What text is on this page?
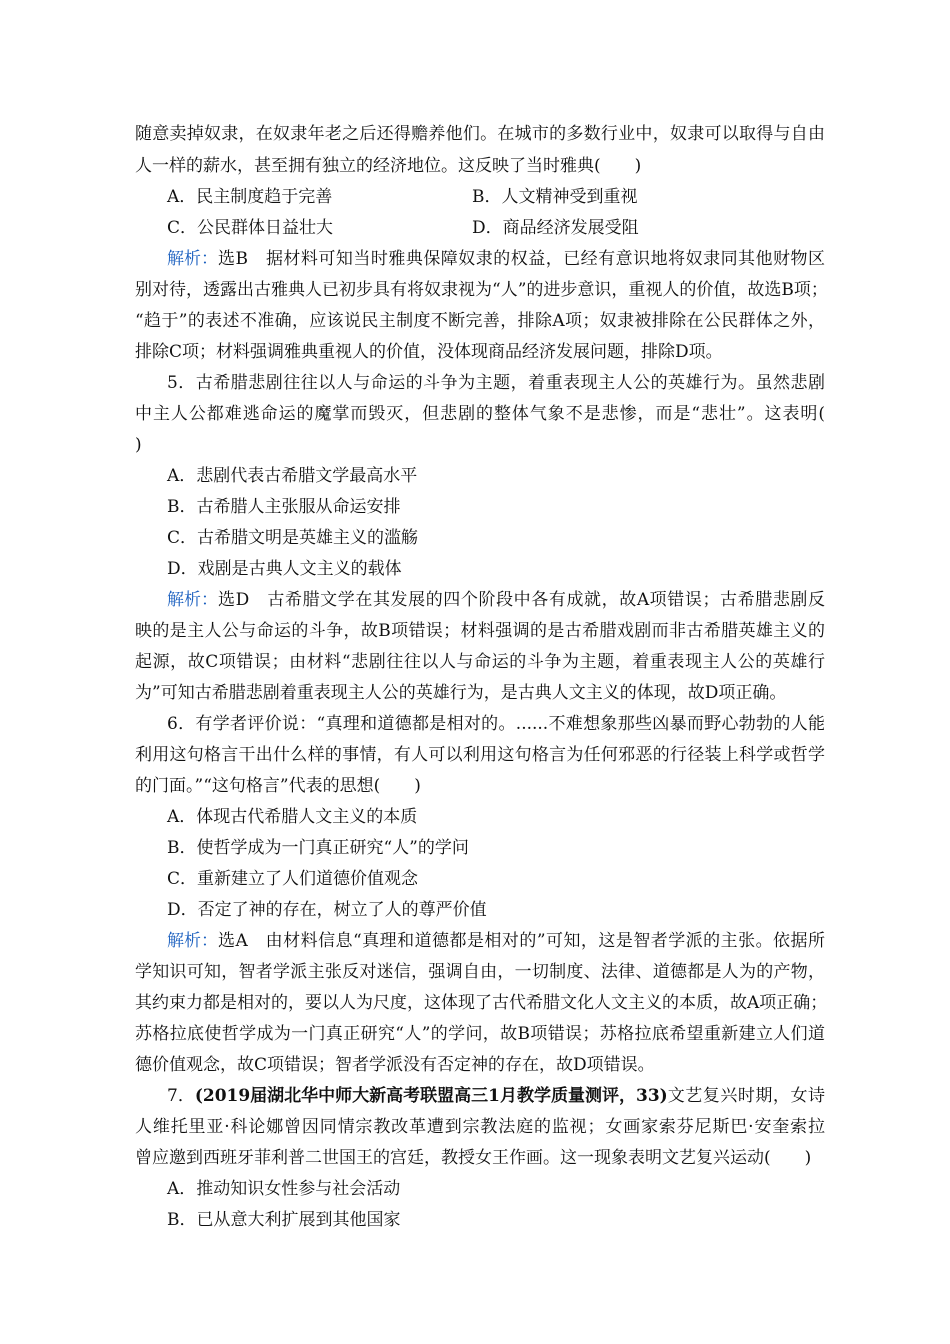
随意卖掉奴隶，在奴隶年老之后还得赡养他们。在城市的多数行业中，奴隶可以取得与自由
人一样的薪水，甚至拥有独立的经济地位。这反映了当时雅典(　　)
A．民主制度趋于完善	B．人文精神受到重视
C．公民群体日益壮大	D．商品经济发展受阻
解析： 选B　据材料可知当时雅典保障奴隶的权益，已经有意识地将奴隶同其他财物区
别对待，透露出古雅典人已初步具有将奴隶视为“人”的进步意识，重视人的价值，故选B项；
“趋于”的表述不准确，应该说民主制度不断完善，排除A项；奴隶被排除在公民群体之外，
排除C项；材料强调雅典重视人的价值，没体现商品经济发展问题，排除D项。
5．古希腊悲剧往往以人与命运的斗争为主题，着重表现主人公的英雄行为。虽然悲剧
中主人公都难逃命运的魔掌而毁灭，但悲剧的整体气象不是悲惨，而是“悲壮”。这表明(
)
A．悲剧代表古希腊文学最高水平
B．古希腊人主张服从命运安排
C．古希腊文明是英雄主义的滥觞
D．戏剧是古典人文主义的载体
解析： 选D　古希腊文学在其发展的四个阶段中各有成就，故A项错误；古希腊悲剧反
映的是主人公与命运的斗争，故B项错误；材料强调的是古希腊戏剧而非古希腊英雄主义的
起源，故C项错误；由材料“悲剧往往以人与命运的斗争为主题，着重表现主人公的英雄行
为”可知古希腊悲剧着重表现主人公的英雄行为，是古典人文主义的体现，故D项正确。
6．有学者评价说：“真理和道德都是相对的。......不难想象那些凶暴而野心勃勃的人能
利用这句格言干出什么样的事情，有人可以利用这句格言为任何邪恶的行径装上科学或哲学
的门面。”“这句格言”代表的思想(　　)
A．体现古代希腊人文主义的本质
B．使哲学成为一门真正研究“人”的学问
C．重新建立了人们道德价值观念
D．否定了神的存在，树立了人的尊严价值
解析： 选A　由材料信息“真理和道德都是相对的”可知，这是智者学派的主张。依据所
学知识可知，智者学派主张反对迷信，强调自由，一切制度、法律、道德都是人为的产物，
其约束力都是相对的，要以人为尺度，这体现了古代希腊文化人文主义的本质，故A项正确；
苏格拉底使哲学成为一门真正研究“人”的学问，故B项错误；苏格拉底希望重新建立人们道
德价值观念，故C项错误；智者学派没有否定神的存在，故D项错误。
7． (2019届湖北华中师大新高考联盟高三1月教学质量测评，33) 文艺复兴时期，女诗
人维托里亚·科论娜曾因同情宗教改革遭到宗教法庭的监视；女画家索芬尼斯巴·安奎索拉
曾应邀到西班牙菲利普二世国王的宫廷，教授女王作画。这一现象表明文艺复兴运动(　　)
A．推动知识女性参与社会活动
B．已从意大利扩展到其他国家
